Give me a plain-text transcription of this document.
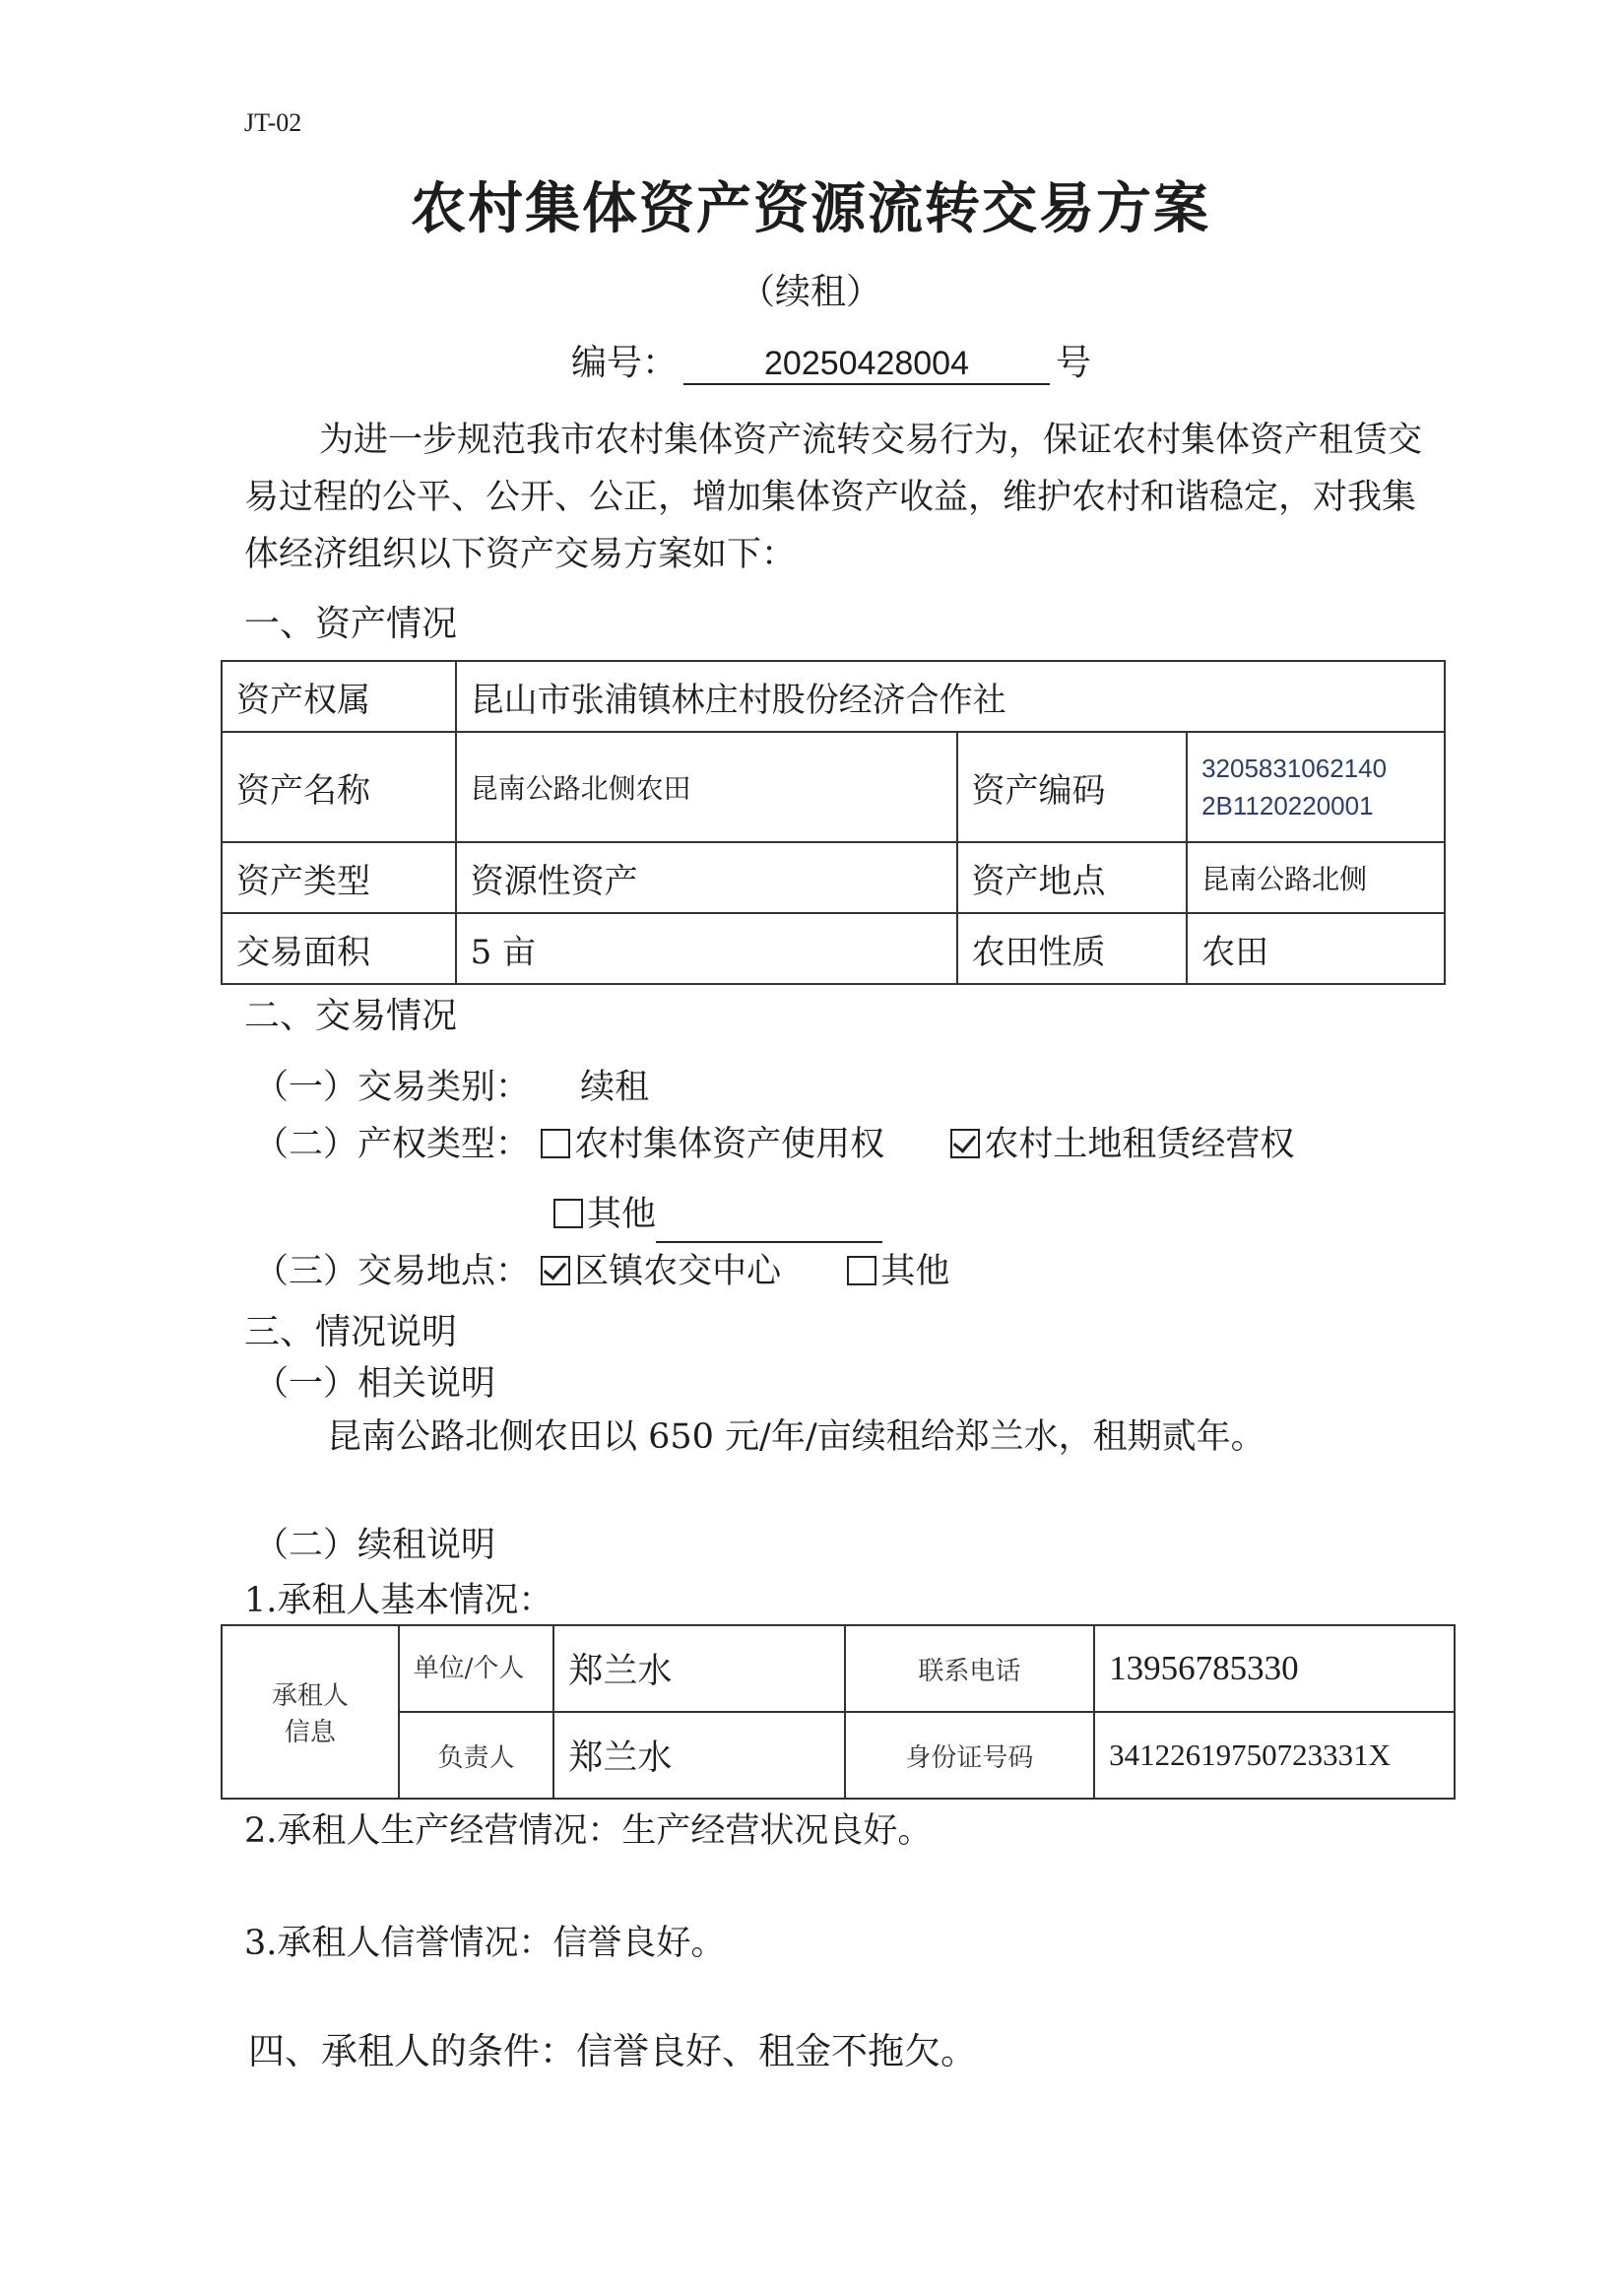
JT-02
农村集体资产资源流转交易方案
（续租）
编号：	20250428004 号
为进一步规范我市农村集体资产流转交易行为，保证农村集体资产租赁交易过程的公平、公开、公正，增加集体资产收益，维护农村和谐稳定，对我集体经济组织以下资产交易方案如下：
一、资产情况
资产权属	昆山市张浦镇林庄村股份经济合作社		
资产名称	昆南公路北侧农田	资产编码	3205831062140
2B1120220001

资产类型	资源性资产	资产地点	昆南公路北侧
交易面积	5 亩	农田性质	农田
二、交易情况
（一）交易类别： 续租
（二）产权类型： 农村集体资产使用权	农村土地租赁经营权
其他
（三）交易地点： 区镇农交中心	其他
三、情况说明
（一）相关说明
昆南公路北侧农田以 650 元/年/亩续租给郑兰水，租期贰年。
（二）续租说明
1.承租人基本情况：
承租人
信息	单位/个人	郑兰水	联系电话	13956785330
	负责人	郑兰水	身份证号码	34122619750723331X
2.承租人生产经营情况：生产经营状况良好。
3.承租人信誉情况：信誉良好。
四、承租人的条件：信誉良好、租金不拖欠。
